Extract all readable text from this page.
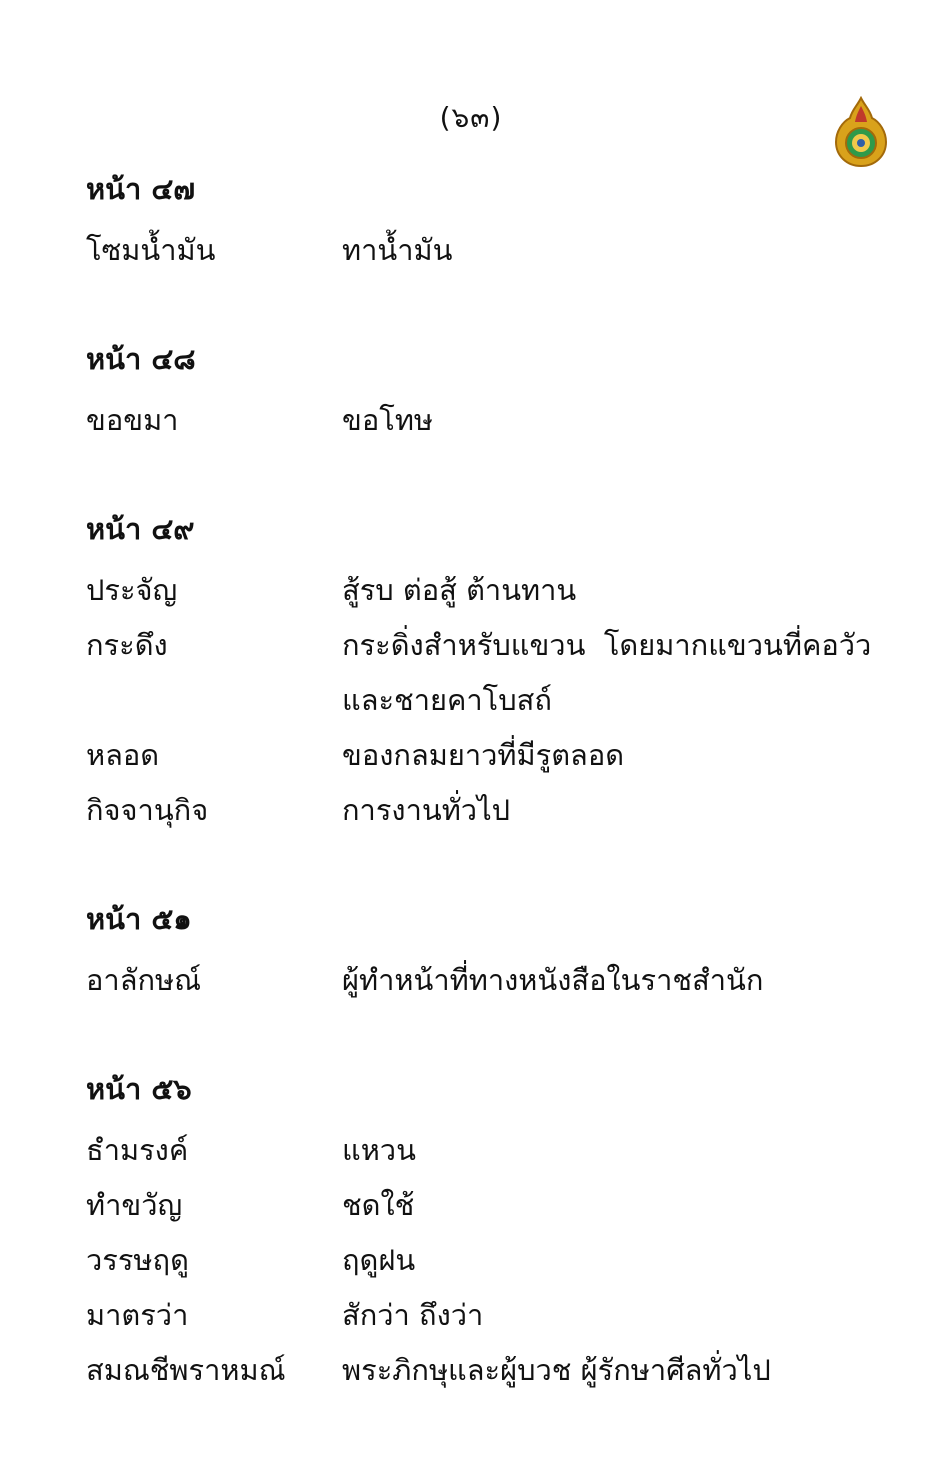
(๖๓)
หน้า ๔๗
โซมน้ำมัน	ทาน้ำมัน
หน้า ๔๘
ขอขมา	ขอโทษ
หน้า ๔๙
ประจัญ	สู้รบ ต่อสู้ ต้านทาน
กระดึง	กระดิ่งสำหรับแขวน  โดยมากแขวนที่คอวัว
และชายคาโบสถ์
หลอด	ของกลมยาวที่มีรูตลอด
กิจจานุกิจ	การงานทั่วไป
หน้า ๕๑
อาลักษณ์	ผู้ทำหน้าที่ทางหนังสือในราชสำนัก
หน้า ๕๖
ธำมรงค์	แหวน
ทำขวัญ	ชดใช้
วรรษฤดู	ฤดูฝน
มาตรว่า	สักว่า ถึงว่า
สมณชีพราหมณ์	พระภิกษุและผู้บวช ผู้รักษาศีลทั่วไป
